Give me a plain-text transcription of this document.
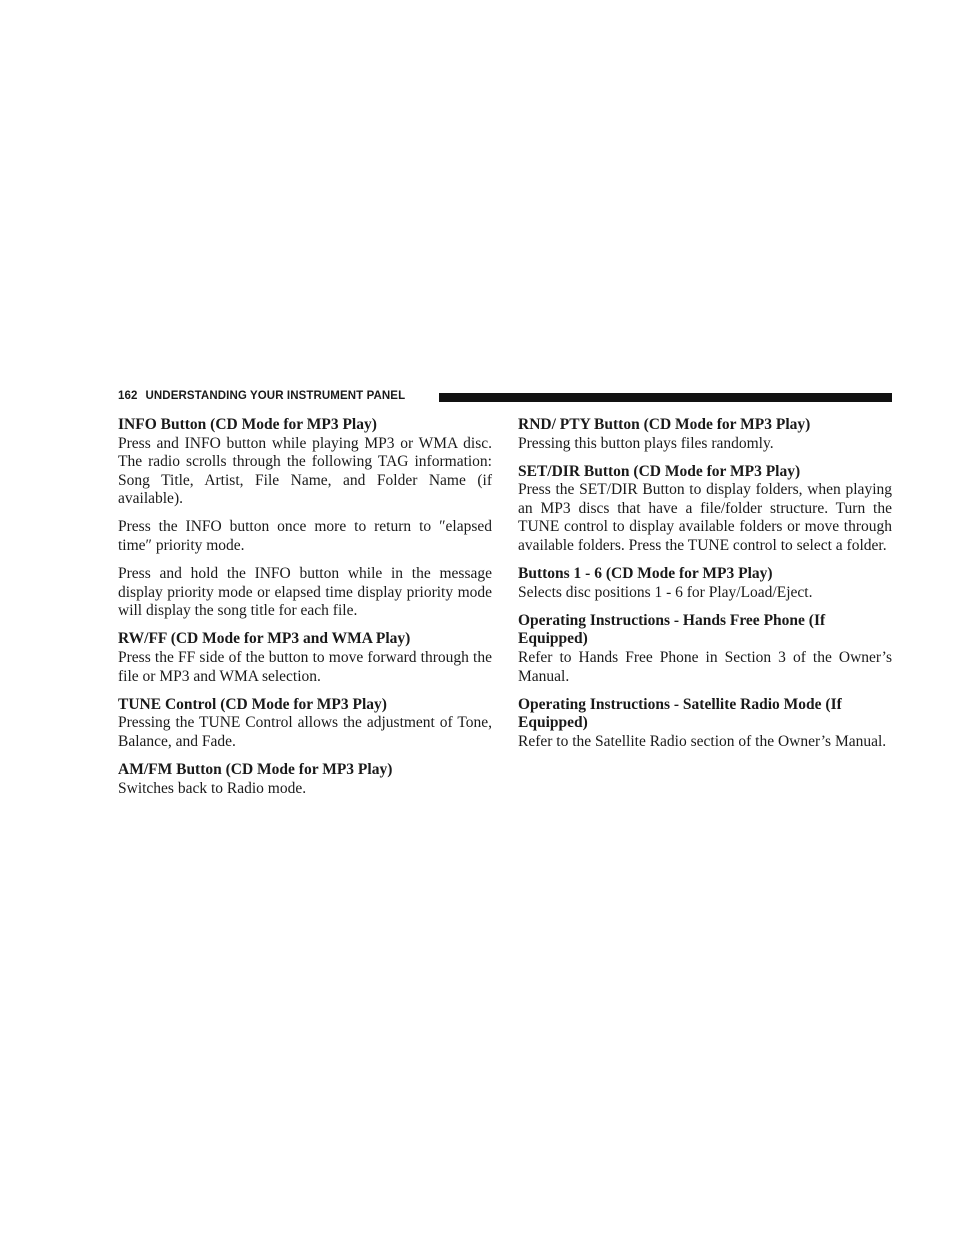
162 UNDERSTANDING YOUR INSTRUMENT PANEL
INFO Button (CD Mode for MP3 Play)

Press and INFO button while playing MP3 or WMA disc. The radio scrolls through the following TAG information: Song Title, Artist, File Name, and Folder Name (if available).

Press the INFO button once more to return to ″elapsed time″ priority mode.

Press and hold the INFO button while in the message display priority mode or elapsed time display priority mode will display the song title for each file.

RW/FF (CD Mode for MP3 and WMA Play)

Press the FF side of the button to move forward through the file or MP3 and WMA selection.

TUNE Control (CD Mode for MP3 Play)

Pressing the TUNE Control allows the adjustment of Tone, Balance, and Fade.

AM/FM Button (CD Mode for MP3 Play)

Switches back to Radio mode.

RND/ PTY Button (CD Mode for MP3 Play)

Pressing this button plays files randomly.

SET/DIR Button (CD Mode for MP3 Play)

Press the SET/DIR Button to display folders, when playing an MP3 discs that have a file/folder structure. Turn the TUNE control to display available folders or move through available folders. Press the TUNE control to select a folder.

Buttons 1 - 6 (CD Mode for MP3 Play)

Selects disc positions 1 - 6 for Play/Load/Eject.

Operating Instructions - Hands Free Phone (If Equipped)

Refer to Hands Free Phone in Section 3 of the Owner’s Manual.

Operating Instructions - Satellite Radio Mode (If Equipped)

Refer to the Satellite Radio section of the Owner’s Manual.
